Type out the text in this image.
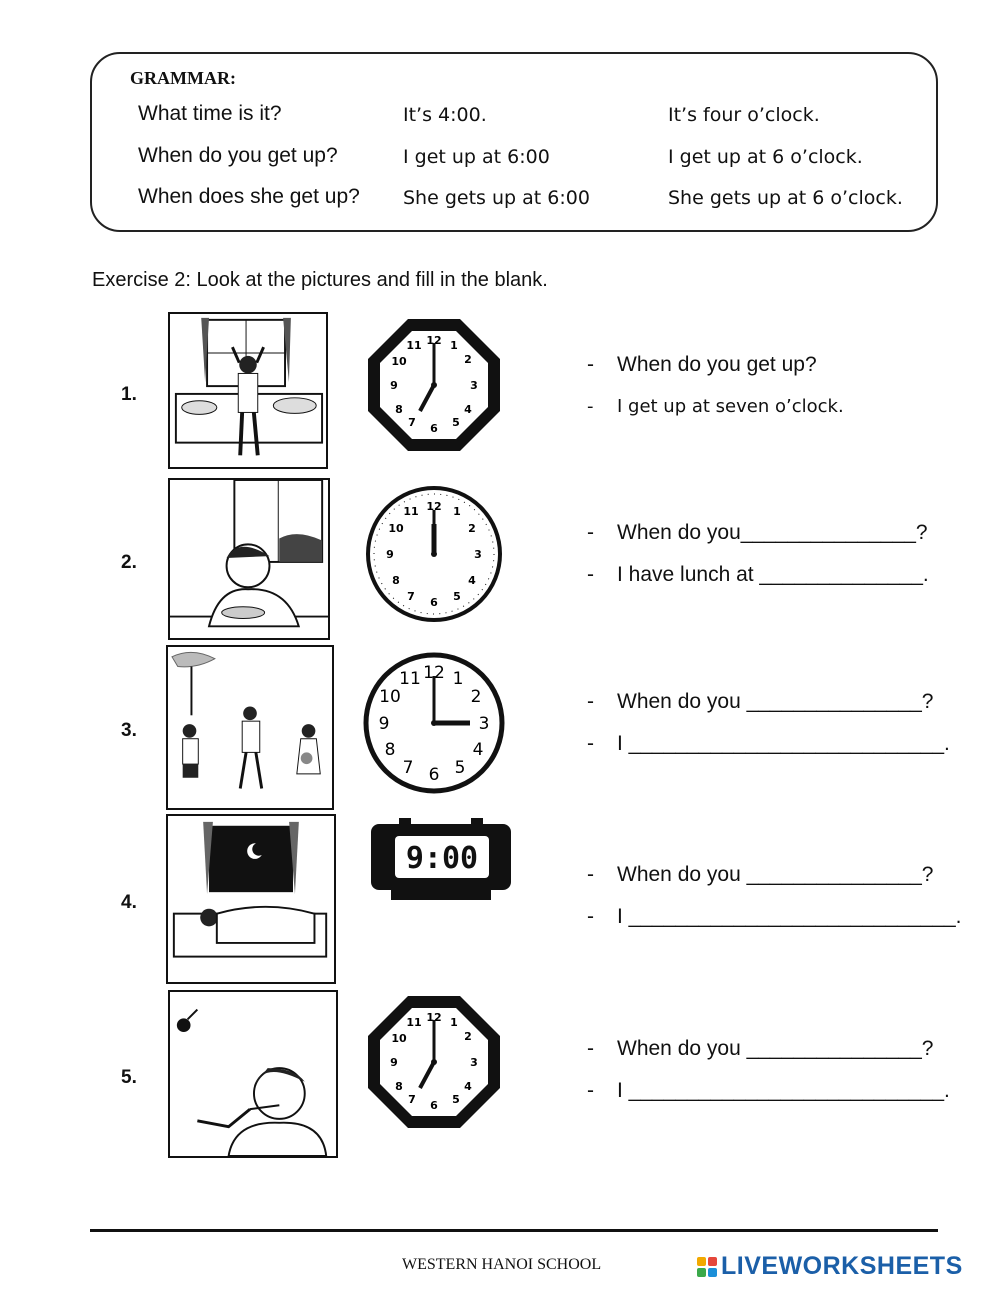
GRAMMAR:
What time is it?	It’s 4:00.	It’s four o’clock.
When do you get up?	I get up at 6:00	I get up at 6 o’clock.
When does she get up? She gets up at 6:00	She gets up at 6 o’clock.
Exercise 2: Look at the pictures and fill in the blank.
1.
12 1
2
3
4
5
6
7
8
9
10
11
- When do you get up?
- I get up at seven o’clock.
2.
12 1
2
3
4
5
6
7
8
9
10
11
- When do you_______________?
- I have lunch at ______________.
3.
12 1
2
3
4
5
6
7
8
9
10
11
- When do you _______________?
- I ___________________________.
4.
9:00	- When do you _______________?
- I ____________________________.
5.
12 1
2
3
4
5
6
7
8
9
10
11
- When do you _______________?
- I ___________________________.
WESTERN HANOI SCHOOL	LIVEWORKSHEETS
